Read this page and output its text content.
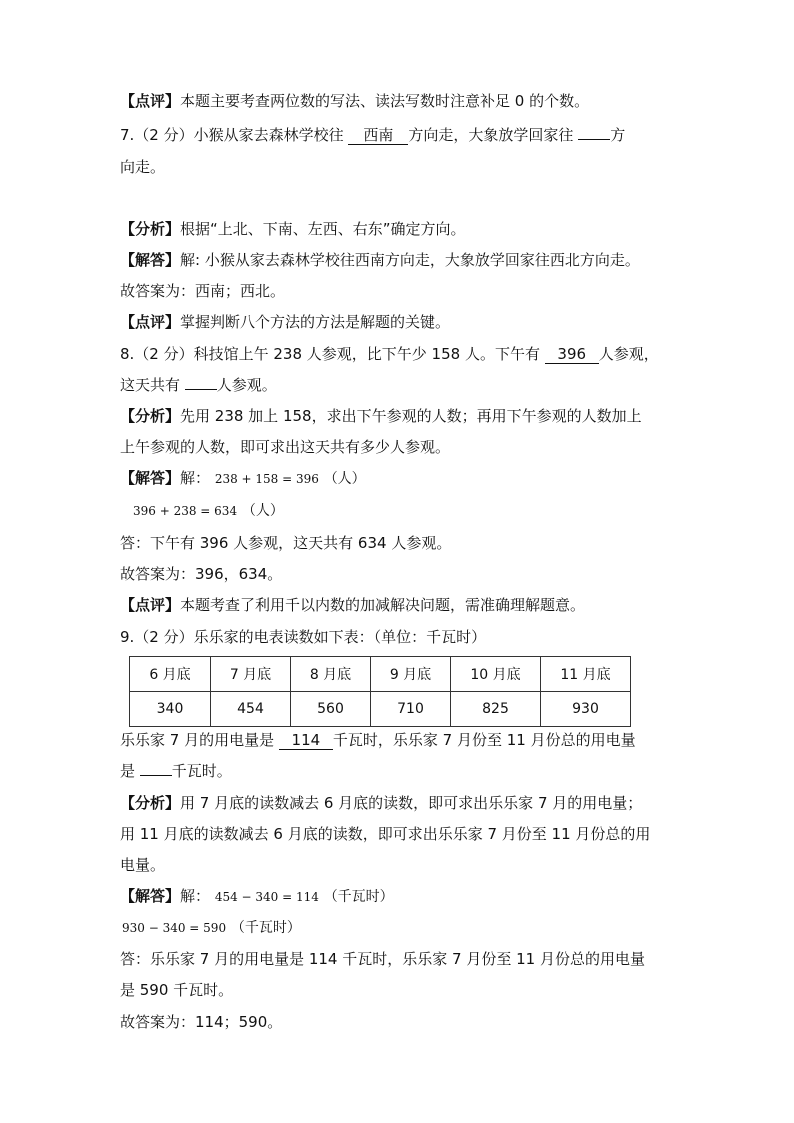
【点评】本题主要考查两位数的写法、读法写数时注意补足 0 的个数。
7.（2 分）小猴从家去森林学校往 西南 方向走，大象放学回家往 方
向走。
【分析】根据“上北、下南、左西、右东”确定方向。
【解答】解: 小猴从家去森林学校往西南方向走，大象放学回家往西北方向走。
故答案为：西南；西北。
【点评】掌握判断八个方法的方法是解题的关键。
8.（2 分）科技馆上午 238 人参观，比下午少 158 人。下午有 396 人参观，
这天共有 人参观。
【分析】先用 238 加上 158，求出下午参观的人数；再用下午参观的人数加上
上午参观的人数，即可求出这天共有多少人参观。
【解答】解： 238 + 158 = 396 （人）
396 + 238 = 634 （人）
答：下午有 396 人参观，这天共有 634 人参观。
故答案为：396，634。
【点评】本题考查了利用千以内数的加减解决问题，需准确理解题意。
9.（2 分）乐乐家的电表读数如下表：（单位：千瓦时）
6 月底	7 月底	8 月底	9 月底	10 月底	11 月底
340	454	560	710	825	930
乐乐家 7 月的用电量是 114 千瓦时，乐乐家 7 月份至 11 月份总的用电量
是 千瓦时。
【分析】用 7 月底的读数减去 6 月底的读数，即可求出乐乐家 7 月的用电量；
用 11 月底的读数减去 6 月底的读数，即可求出乐乐家 7 月份至 11 月份总的用
电量。
【解答】解： 454 − 340 = 114 （千瓦时）
930 − 340 = 590 （千瓦时）
答：乐乐家 7 月的用电量是 114 千瓦时，乐乐家 7 月份至 11 月份总的用电量
是 590 千瓦时。
故答案为：114；590。
